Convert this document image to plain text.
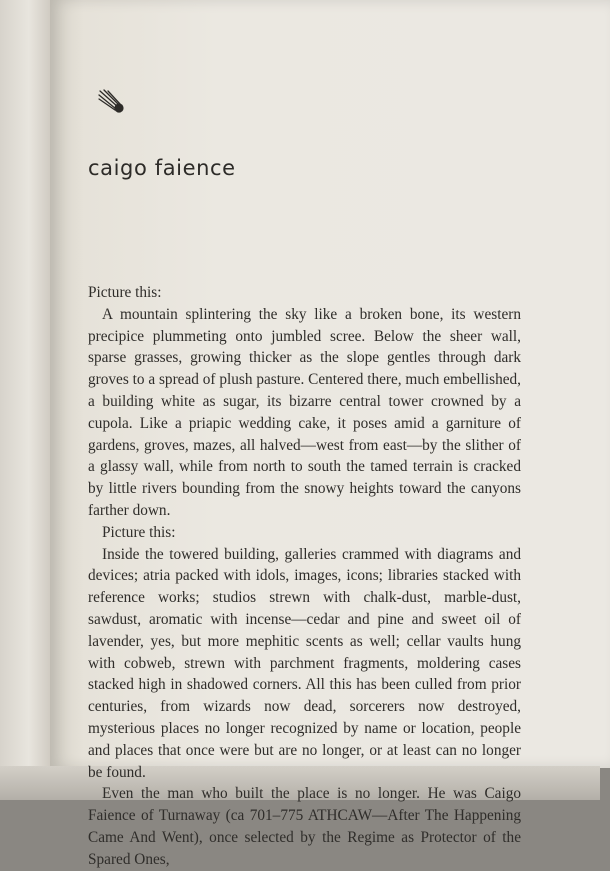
caigo faience

Picture this:

A mountain splintering the sky like a broken bone, its western precipice plummeting onto jumbled scree. Below the sheer wall, sparse grasses, growing thicker as the slope gentles through dark groves to a spread of plush pasture. Centered there, much embellished, a building white as sugar, its bizarre central tower crowned by a cupola. Like a priapic wedding cake, it poses amid a garniture of gardens, groves, mazes, all halved—west from east—by the slither of a glassy wall, while from north to south the tamed terrain is cracked by little rivers bounding from the snowy heights toward the canyons farther down.

Picture this:

Inside the towered building, galleries crammed with diagrams and devices; atria packed with idols, images, icons; libraries stacked with reference works; studios strewn with chalk-dust, marble-dust, sawdust, aromatic with incense—cedar and pine and sweet oil of lavender, yes, but more mephitic scents as well; cellar vaults hung with cobweb, strewn with parchment fragments, moldering cases stacked high in shadowed corners. All this has been culled from prior centuries, from wizards now dead, sorcerers now destroyed, mysterious places no longer recognized by name or location, people and places that once were but are no longer, or at least can no longer be found.

Even the man who built the place is no longer. He was Caigo Faience of Turnaway (ca 701–775 ATHCAW—After The Happening Came And Went), once selected by the Regime as Protector of the Spared Ones,
